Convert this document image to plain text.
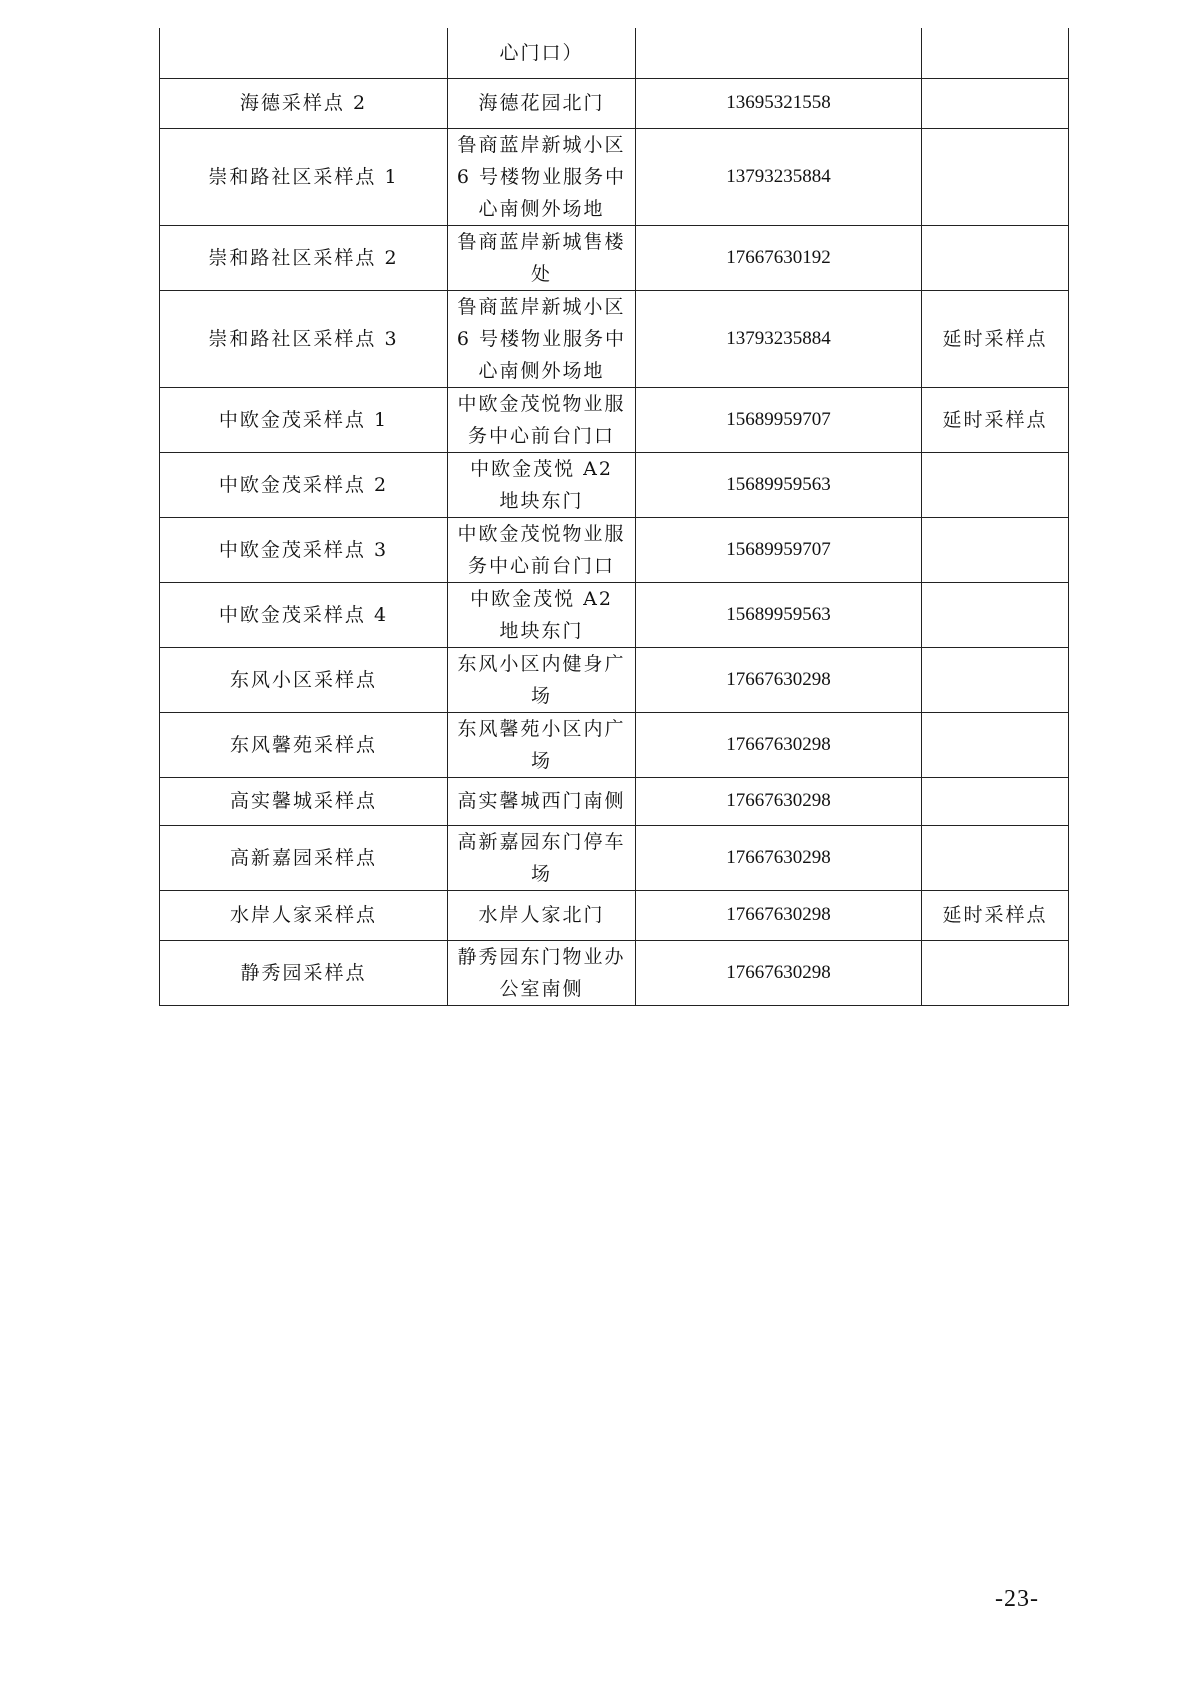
	心门口）		
海德采样点 2	海德花园北门	13695321558	
崇和路社区采样点 1	鲁商蓝岸新城小区 6 号楼物业服务中心南侧外场地	13793235884	
崇和路社区采样点 2	鲁商蓝岸新城售楼处	17667630192	
崇和路社区采样点 3	鲁商蓝岸新城小区 6 号楼物业服务中心南侧外场地	13793235884	延时采样点
中欧金茂采样点 1	中欧金茂悦物业服务中心前台门口	15689959707	延时采样点
中欧金茂采样点 2	中欧金茂悦 A2 地块东门	15689959563	
中欧金茂采样点 3	中欧金茂悦物业服务中心前台门口	15689959707	
中欧金茂采样点 4	中欧金茂悦 A2 地块东门	15689959563	
东风小区采样点	东风小区内健身广场	17667630298	
东风馨苑采样点	东风馨苑小区内广场	17667630298	
高实馨城采样点	高实馨城西门南侧	17667630298	
高新嘉园采样点	高新嘉园东门停车场	17667630298	
水岸人家采样点	水岸人家北门	17667630298	延时采样点
静秀园采样点	静秀园东门物业办公室南侧	17667630298	
-23-
